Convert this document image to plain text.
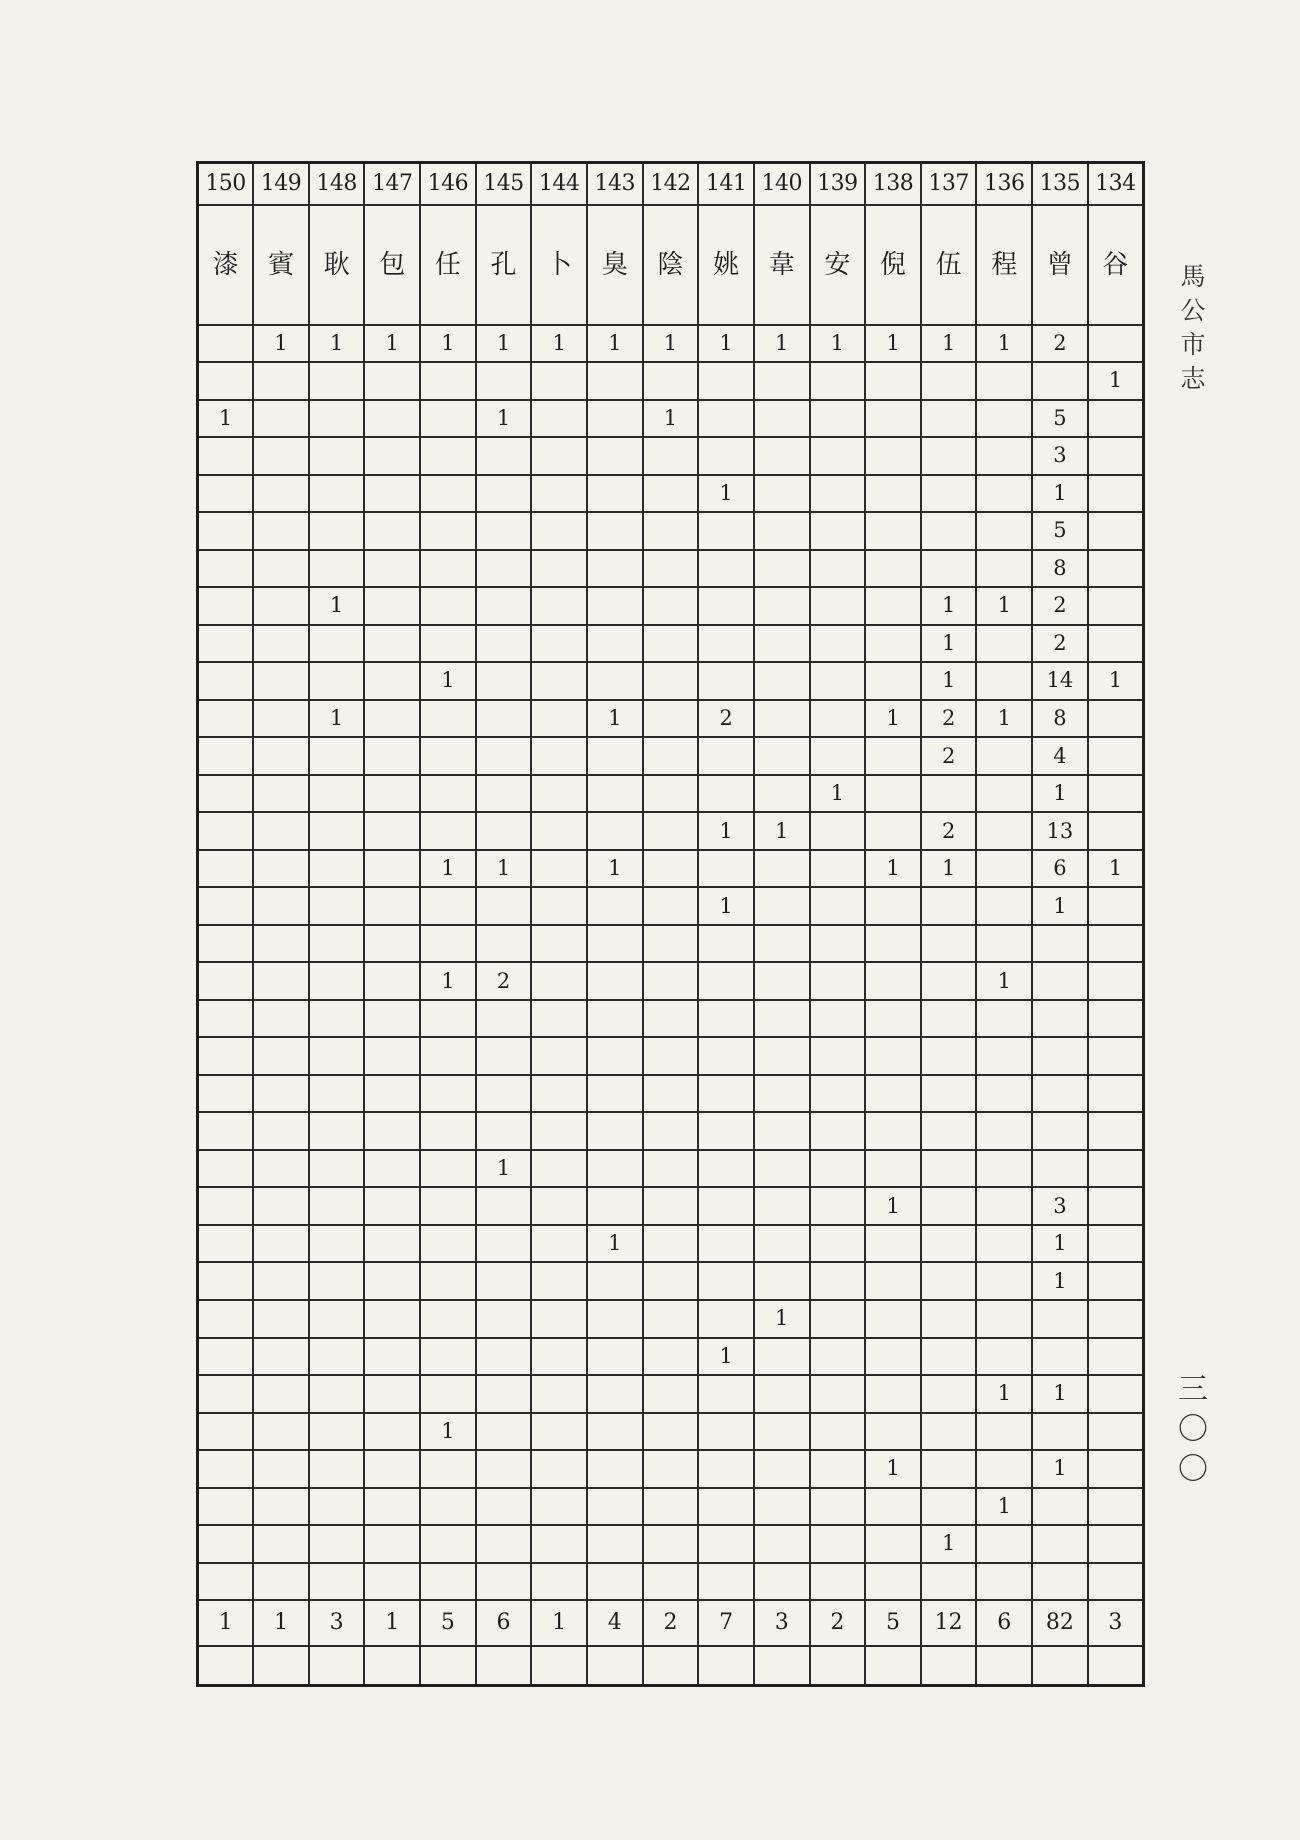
馬
公
市
志
150	149	148	147	146	145	144	143	142	141	140	139	138	137	136	135	134
漆	賓	耿	包	任	孔	卜	臭	陰	姚	韋	安	倪	伍	程	曾	谷
	1	1	1	1	1	1	1	1	1	1	1	1	1	1	2	
																1
1					1			1							5	
															3	
									1						1	
															5	
															8	
		1											1	1	2	
													1		2	
				1									1		14	1
		1					1		2			1	2	1	8	
													2		4	
											1				1	
									1	1			2		13	
				1	1		1					1	1		6	1
									1						1	

				1	2									1		

					1											
												1			3	
							1								1	
															1	
										1						
									1							
														1	1	
				1												
												1			1	
														1		
													1			

1	1	3	1	5	6	1	4	2	7	3	2	5	12	6	82	3

三
〇
〇
